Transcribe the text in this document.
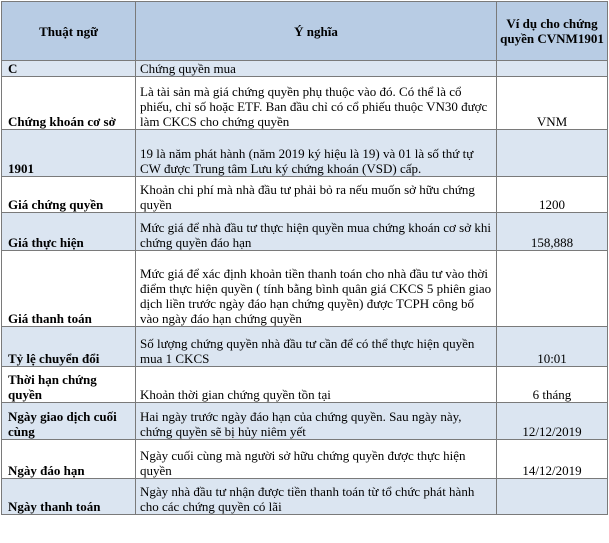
Thuật ngữ	Ý nghĩa	Ví dụ cho chứng quyền CVNM1901
C	Chứng quyền mua	
Chứng khoán cơ sở	Là tài sản mà giá chứng quyền phụ thuộc vào đó. Có thể là cổ phiếu, chỉ số hoặc ETF. Ban đầu chỉ có cổ phiếu thuộc VN30 được làm CKCS cho chứng quyền	VNM
1901	19 là năm phát hành (năm 2019 ký hiệu là 19) và 01 là số thứ tự CW được Trung tâm Lưu ký chứng khoán (VSD) cấp.	
Giá chứng quyền	Khoản chi phí mà nhà đầu tư phải bỏ ra nếu muốn sở hữu chứng quyền	1200
Giá thực hiện	Mức giá để nhà đầu tư thực hiện quyền mua chứng khoán cơ sở khi chứng quyền đáo hạn	158,888
Giá thanh toán	Mức giá để xác định khoản tiền thanh toán cho nhà đầu tư vào thời điểm thực hiện quyền ( tính bằng bình quân giá CKCS 5 phiên giao dịch liền trước ngày đáo hạn chứng quyền) được TCPH công bố vào ngày đáo hạn chứng quyền	
Tỷ lệ chuyển đổi	Số lượng chứng quyền nhà đầu tư cần để có thể thực hiện quyền mua 1 CKCS	10:01
Thời hạn chứng quyền	Khoản thời gian chứng quyền tồn tại	6 tháng
Ngày giao dịch cuối cùng	Hai ngày trước ngày đáo hạn của chứng quyền. Sau ngày này, chứng quyền sẽ bị hủy niêm yết	12/12/2019
Ngày đáo hạn	Ngày cuối cùng mà người sở hữu chứng quyền được thực hiện quyền	14/12/2019
Ngày thanh toán	Ngày nhà đầu tư nhận được tiền thanh toán từ tổ chức phát hành cho các chứng quyền có lãi	
